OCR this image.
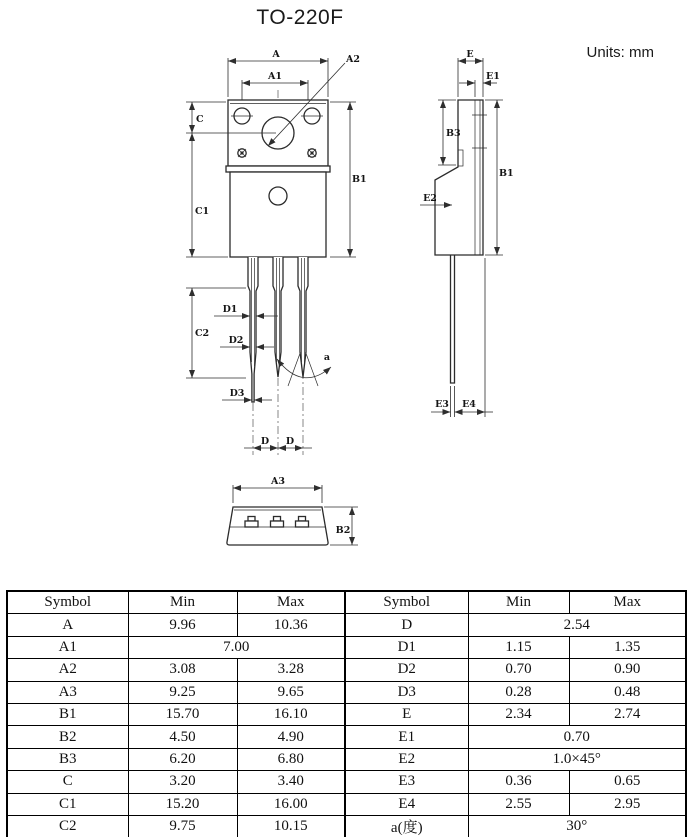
TO-220F
Units: mm
A
A1
A2
C
C1
C2
B1
D1
D2
D3
a
D D
E
E1
B3
B1
E2
E3 E4
A3
B2
Symbol	Min	Max	Symbol	Min	Max
A	9.96	10.36	D	2.54	
A1	7.00		D1	1.15	1.35
A2	3.08	3.28	D2	0.70	0.90
A3	9.25	9.65	D3	0.28	0.48
B1	15.70	16.10	E	2.34	2.74
B2	4.50	4.90	E1	0.70	
B3	6.20	6.80	E2	1.0×45°	
C	3.20	3.40	E3	0.36	0.65
C1	15.20	16.00	E4	2.55	2.95
C2	9.75	10.15	a(度)	30°	
